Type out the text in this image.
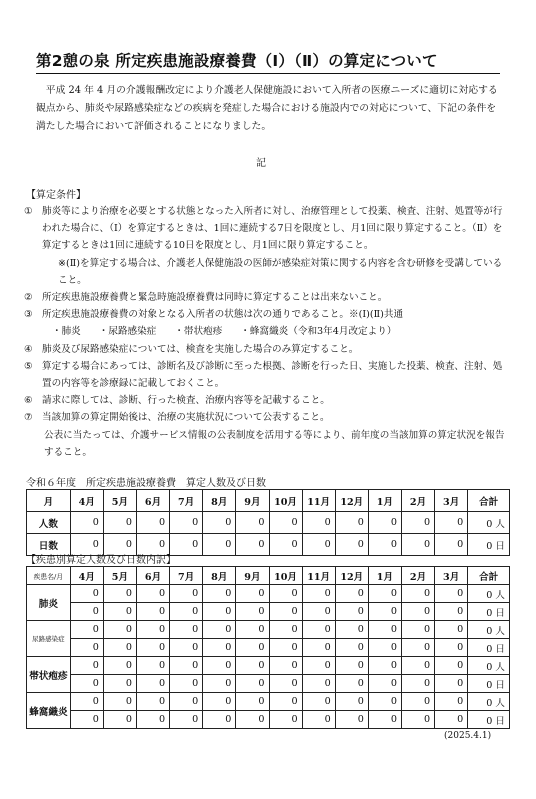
第2憩の泉 所定疾患施設療養費（Ⅰ）（Ⅱ）の算定について

平成 24 年 4 月の介護報酬改定により介護老人保健施設において入所者の医療ニーズに適切に対応する観点から、肺炎や尿路感染症などの疾病を発症した場合における施設内での対応について、下記の条件を満たした場合において評価されることになりました。

記
【算定条件】
① 肺炎等により治療を必要とする状態となった入所者に対し、治療管理として投薬、検査、注射、処置等が行われた場合に、（Ⅰ）を算定するときは、1回に連続する7日を限度とし、月1回に限り算定すること。（Ⅱ）を算定するときは1回に連続する10日を限度とし、月1回に限り算定すること。
※(Ⅱ)を算定する場合は、介護老人保健施設の医師が感染症対策に関する内容を含む研修を受講していること。
② 所定疾患施設療養費と緊急時施設療養費は同時に算定することは出来ないこと。
③ 所定疾患施設療養費の対象となる入所者の状態は次の通りであること。※(Ⅰ)(Ⅱ)共通
・肺炎 ・尿路感染症 ・帯状疱疹 ・蜂窩織炎（令和3年4月改定より）
④ 肺炎及び尿路感染症については、検査を実施した場合のみ算定すること。
⑤ 算定する場合にあっては、診断名及び診断に至った根拠、診断を行った日、実施した投薬、検査、注射、処置の内容等を診療録に記載しておくこと。
⑥ 請求に際しては、診断、行った検査、治療内容等を記載すること。
⑦ 当該加算の算定開始後は、治療の実施状況について公表すること。
公表に当たっては、介護サービス情報の公表制度を活用する等により、前年度の当該加算の算定状況を報告すること。
令和６年度　所定疾患施設療養費　算定人数及び日数
月	4月	5月	6月	7月	8月	9月	10月	11月	12月	1月	2月	3月	合計
人数	0	0	0	0	0	0	0	0	0	0	0	0	0 人
日数	0	0	0	0	0	0	0	0	0	0	0	0	0 日
【疾患別算定人数及び日数内訳】
疾患名/月	4月	5月	6月	7月	8月	9月	10月	11月	12月	1月	2月	3月	合計
肺炎	0	0	0	0	0	0	0	0	0	0	0	0	0 人
	0	0	0	0	0	0	0	0	0	0	0	0	0 日
尿路感染症	0	0	0	0	0	0	0	0	0	0	0	0	0 人
	0	0	0	0	0	0	0	0	0	0	0	0	0 日
帯状疱疹	0	0	0	0	0	0	0	0	0	0	0	0	0 人
	0	0	0	0	0	0	0	0	0	0	0	0	0 日
蜂窩織炎	0	0	0	0	0	0	0	0	0	0	0	0	0 人
	0	0	0	0	0	0	0	0	0	0	0	0	0 日
(2025.4.1)
